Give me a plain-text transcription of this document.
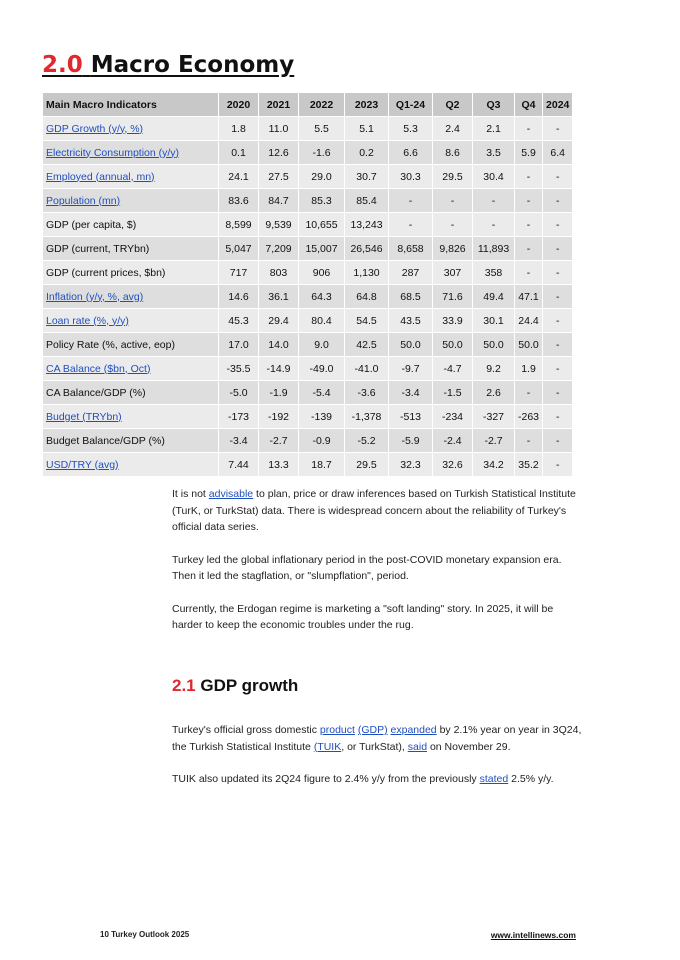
2.0 Macro Economy
Main Macro Indicators	2020	2021	2022	2023	Q1-24	Q2	Q3	Q4	2024
GDP Growth (y/y, %)	1.8	11.0	5.5	5.1	5.3	2.4	2.1	-	-
Electricity Consumption (y/y)	0.1	12.6	-1.6	0.2	6.6	8.6	3.5	5.9	6.4
Employed (annual, mn)	24.1	27.5	29.0	30.7	30.3	29.5	30.4	-	-
Population (mn)	83.6	84.7	85.3	85.4	-	-	-	-	-
GDP (per capita, $)	8,599	9,539	10,655	13,243	-	-	-	-	-
GDP (current, TRYbn)	5,047	7,209	15,007	26,546	8,658	9,826	11,893	-	-
GDP (current prices, $bn)	717	803	906	1,130	287	307	358	-	-
Inflation (y/y, %, avg)	14.6	36.1	64.3	64.8	68.5	71.6	49.4	47.1	-
Loan rate (%, y/y)	45.3	29.4	80.4	54.5	43.5	33.9	30.1	24.4	-
Policy Rate (%, active, eop)	17.0	14.0	9.0	42.5	50.0	50.0	50.0	50.0	-
CA Balance ($bn, Oct)	-35.5	-14.9	-49.0	-41.0	-9.7	-4.7	9.2	1.9	-
CA Balance/GDP (%)	-5.0	-1.9	-5.4	-3.6	-3.4	-1.5	2.6	-	-
Budget (TRYbn)	-173	-192	-139	-1,378	-513	-234	-327	-263	-
Budget Balance/GDP (%)	-3.4	-2.7	-0.9	-5.2	-5.9	-2.4	-2.7	-	-
USD/TRY (avg)	7.44	13.3	18.7	29.5	32.3	32.6	34.2	35.2	-

It is not advisable to plan, price or draw inferences based on Turkish Statistical Institute (TurK, or TurkStat) data. There is widespread concern about the reliability of Turkey's official data series.

Turkey led the global inflationary period in the post-COVID monetary expansion era. Then it led the stagflation, or "slumpflation", period.

Currently, the Erdogan regime is marketing a "soft landing" story. In 2025, it will be harder to keep the economic troubles under the rug.

2.1 GDP growth

Turkey's official gross domestic product (GDP) expanded by 2.1% year on year in 3Q24, the Turkish Statistical Institute (TUIK, or TurkStat), said on November 29.

TUIK also updated its 2Q24 figure to 2.4% y/y from the previously stated 2.5% y/y.

10 Turkey Outlook 2025	www.intellinews.com
